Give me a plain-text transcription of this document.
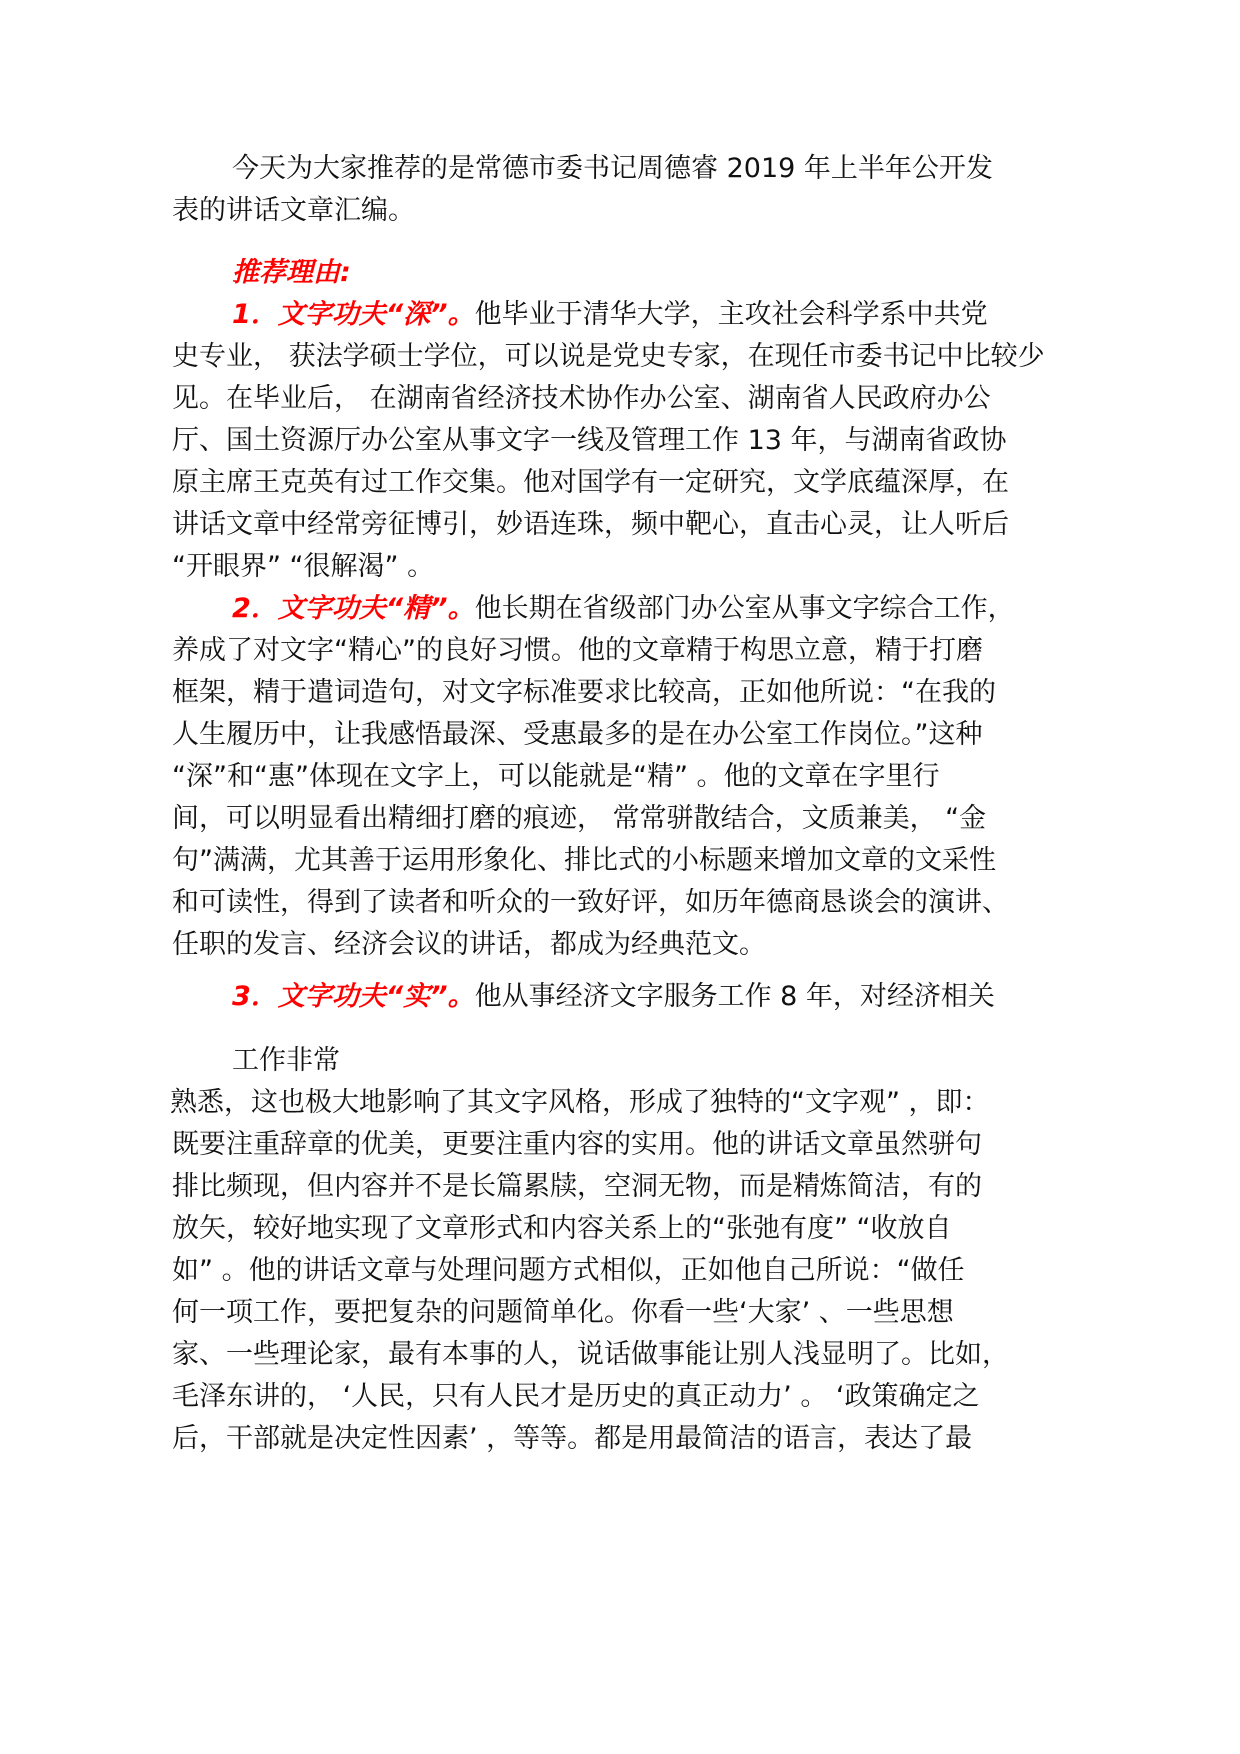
今天为大家推荐的是常德市委书记周德睿 2019 年上半年公开发
表的讲话文章汇编。
推荐理由:
1．文字功夫“深”。他毕业于清华大学，主攻社会科学系中共党
史专业， 获法学硕士学位，可以说是党史专家，在现任市委书记中比较少
见。在毕业后， 在湖南省经济技术协作办公室、湖南省人民政府办公
厅、国土资源厅办公室从事文字一线及管理工作 13 年，与湖南省政协
原主席王克英有过工作交集。他对国学有一定研究，文学底蕴深厚，在
讲话文章中经常旁征博引，妙语连珠，频中靶心，直击心灵，让人听后
“开眼界” “很解渴” 。
2．文字功夫“精”。他长期在省级部门办公室从事文字综合工作，
养成了对文字“精心”的良好习惯。他的文章精于构思立意，精于打磨
框架，精于遣词造句，对文字标准要求比较高，正如他所说：“在我的
人生履历中，让我感悟最深、受惠最多的是在办公室工作岗位。”这种
“深”和“惠”体现在文字上，可以能就是“精” 。他的文章在字里行
间，可以明显看出精细打磨的痕迹， 常常骈散结合，文质兼美， “金
句”满满，尤其善于运用形象化、排比式的小标题来增加文章的文采性
和可读性，得到了读者和听众的一致好评，如历年德商恳谈会的演讲、
任职的发言、经济会议的讲话，都成为经典范文。
3．文字功夫“实”。他从事经济文字服务工作 8 年，对经济相关
工作非常
熟悉，这也极大地影响了其文字风格，形成了独特的“文字观” ，即：
既要注重辞章的优美，更要注重内容的实用。他的讲话文章虽然骈句
排比频现，但内容并不是长篇累牍，空洞无物，而是精炼简洁，有的
放矢，较好地实现了文章形式和内容关系上的“张弛有度” “收放自
如” 。他的讲话文章与处理问题方式相似，正如他自己所说：“做任
何一项工作，要把复杂的问题简单化。你看一些‘大家’ 、一些思想
家、一些理论家，最有本事的人，说话做事能让别人浅显明了。比如，
毛泽东讲的， ‘人民，只有人民才是历史的真正动力’ 。 ‘政策确定之
后，干部就是决定性因素’ ，等等。都是用最简洁的语言，表达了最
